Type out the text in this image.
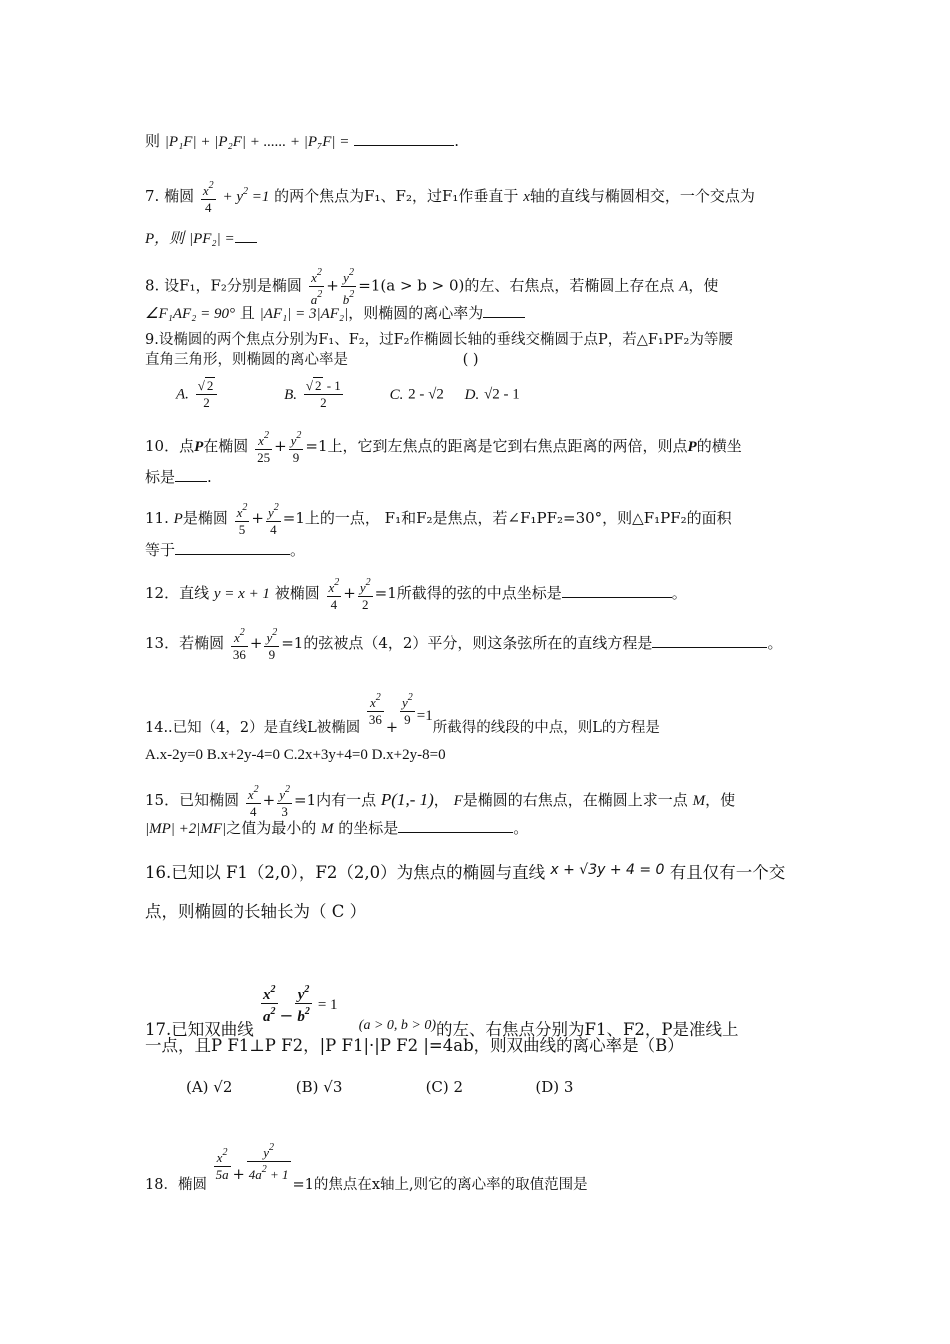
则 |P₁F| + |P₂F| + ...... + |P₇F| =	.
7. 椭圆 $\frac{x^2}{4} + y^2 =1$ 的两个焦点为F₁、F₂，过F₁作垂直于 x轴的直线与椭圆相交，一个交点为
P，则 |PF₂| =
8. 设F₁，F₂分别是椭圆 $\frac{x^2}{a^2} + \frac{y^2}{b^2} =1(a > b > 0)$的左、右焦点，若椭圆上存在点 A，使
∠F₁AF₂ = 90° 且 |AF₁| = 3|AF₂|，则椭圆的离心率为
9.设椭圆的两个焦点分别为F₁、F₂，过F₂作椭圆长轴的垂线交椭圆于点P，若△F₁PF₂为等腰
直角三角形，则椭圆的离心率是	( )
A. $\frac{√ 2}{2}$	B. $\frac{√ 2 - 1}{2}$	C. 2 - √2 D. √2 - 1
10．点P在椭圆 $\frac{x^2}{25} + \frac{y^2}{9} =1$上，它到左焦点的距离是它到右焦点距离的两倍，则点P的横坐
标是 .
11. P是椭圆 $\frac{x^2}{5} + \frac{y^2}{4} =1$上的一点， F₁和F₂是焦点，若∠F₁PF₂=30°，则△F₁PF₂的面积
等于	。
12．直线 y = x + 1 被椭圆 $\frac{x^2}{4} + \frac{y^2}{2} =1$所截得的弦的中点坐标是	。
13．若椭圆 $\frac{x^2}{36} + \frac{y^2}{9} =1$的弦被点（4，2）平分，则这条弦所在的直线方程是	。
14..已知（4，2）是直线L被椭圆 $\frac{x^2}{36} + \frac{y^2}{9} =1$所截得的线段的中点，则L的方程是
A.x-2y=0 B.x+2y-4=0 C.2x+3y+4=0 D.x+2y-8=0
15．已知椭圆 $\frac{x^2}{4} + \frac{y^2}{3} =1$内有一点 P(1,- 1)， F是椭圆的右焦点，在椭圆上求一点 M，使
|MP| +2|MF|之值为最小的 M 的坐标是	。
16.已知以 F1（2,0），F2（2,0）为焦点的椭圆与直线 $^{x + √3y + 4 = 0}$ 有且仅有一个交
点，则椭圆的长轴长为（ C ）
17.已知双曲线
$\frac{x^2}{a^2} - \frac{y^2}{b^2} = 1$ $^{(a > 0, b > 0)}$的左、右焦点分别为F1、F2，P是准线上
一点，且P F1⊥P F2，|P F1|·|P F2 |=4ab，则双曲线的离心率是（B）
(A) √2	(B) √3	(C) 2	(D) 3
18．椭圆
$\frac{x^2}{5a} + \frac{y^2}{4a^2 + 1}$
=1的焦点在x轴上,则它的离心率的取值范围是
